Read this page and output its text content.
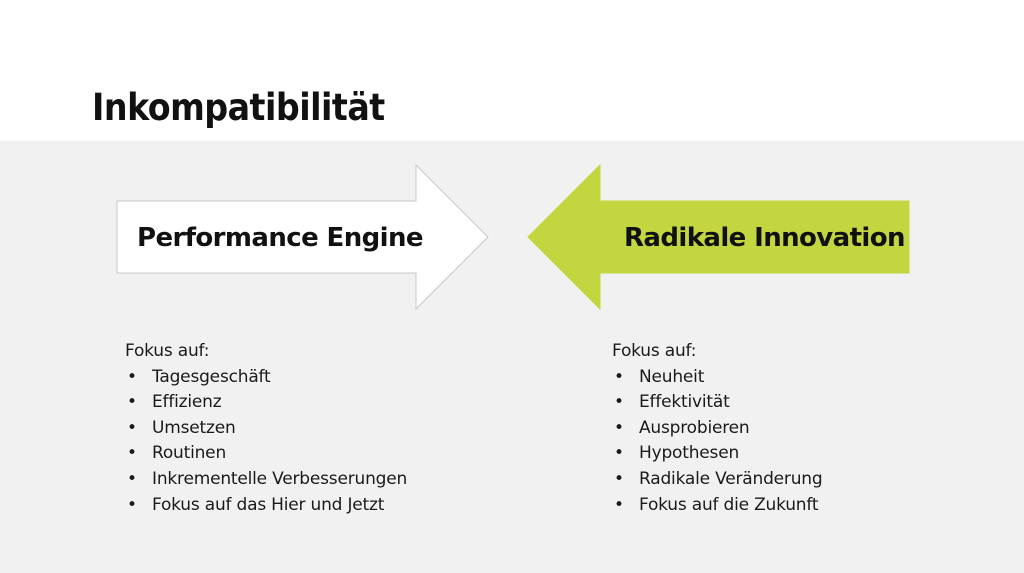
Inkompatibilität
Performance Engine	Radikale Innovation
Fokus auf:
• Tagesgeschäft
• Effizienz
• Umsetzen
• Routinen
• Inkrementelle Verbesserungen
• Fokus auf das Hier und Jetzt
Fokus auf:
• Neuheit
• Effektivität
• Ausprobieren
• Hypothesen
• Radikale Veränderung
• Fokus auf die Zukunft
